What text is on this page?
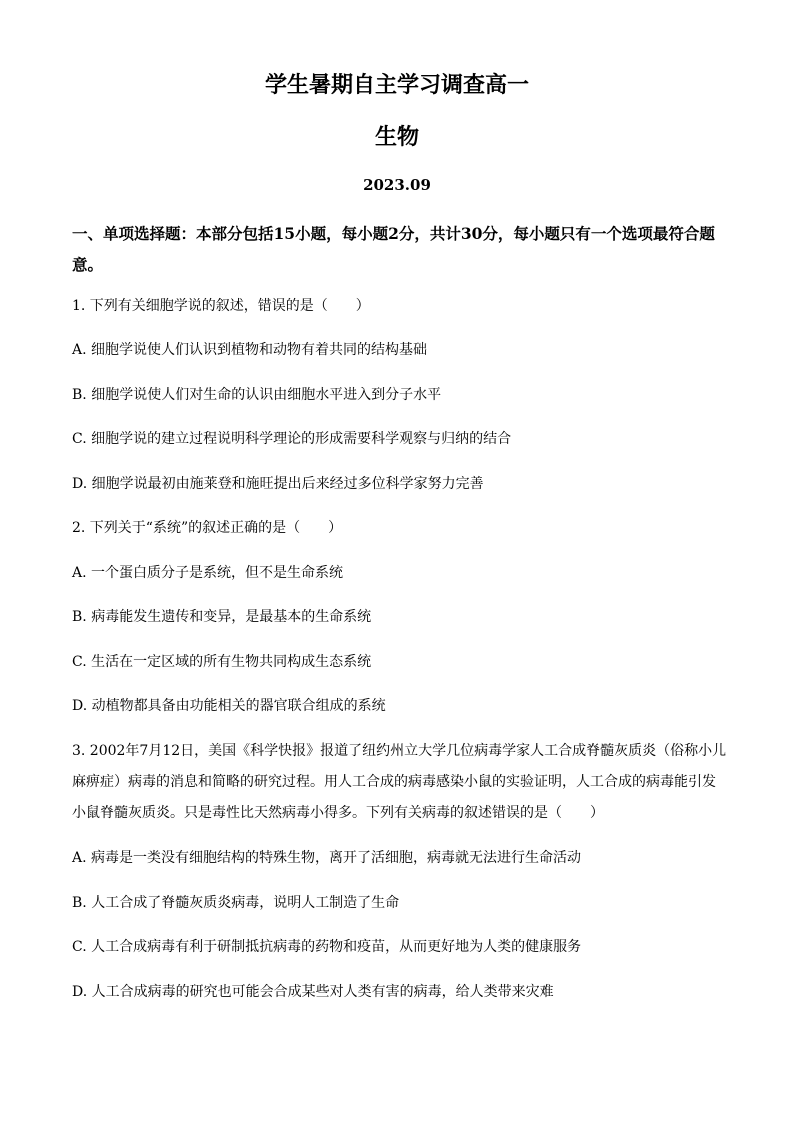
学生暑期自主学习调查高一
生物
2023.09
一、单项选择题：本部分包括15小题，每小题2分，共计30分，每小题只有一个选项最符合题意。
1. 下列有关细胞学说的叙述，错误的是（　　）
A. 细胞学说使人们认识到植物和动物有着共同的结构基础
B. 细胞学说使人们对生命的认识由细胞水平进入到分子水平
C. 细胞学说的建立过程说明科学理论的形成需要科学观察与归纳的结合
D. 细胞学说最初由施莱登和施旺提出后来经过多位科学家努力完善
2. 下列关于“系统”的叙述正确的是（　　）
A. 一个蛋白质分子是系统，但不是生命系统
B. 病毒能发生遗传和变异，是最基本的生命系统
C. 生活在一定区域的所有生物共同构成生态系统
D. 动植物都具备由功能相关的器官联合组成的系统
3. 2002年7月12日，美国《科学快报》报道了纽约州立大学几位病毒学家人工合成脊髓灰质炎（俗称小儿麻痹症）病毒的消息和简略的研究过程。用人工合成的病毒感染小鼠的实验证明，人工合成的病毒能引发小鼠脊髓灰质炎。只是毒性比天然病毒小得多。下列有关病毒的叙述错误的是（　　）
A. 病毒是一类没有细胞结构的特殊生物，离开了活细胞，病毒就无法进行生命活动
B. 人工合成了脊髓灰质炎病毒，说明人工制造了生命
C. 人工合成病毒有利于研制抵抗病毒的药物和疫苗，从而更好地为人类的健康服务
D. 人工合成病毒的研究也可能会合成某些对人类有害的病毒，给人类带来灾难
